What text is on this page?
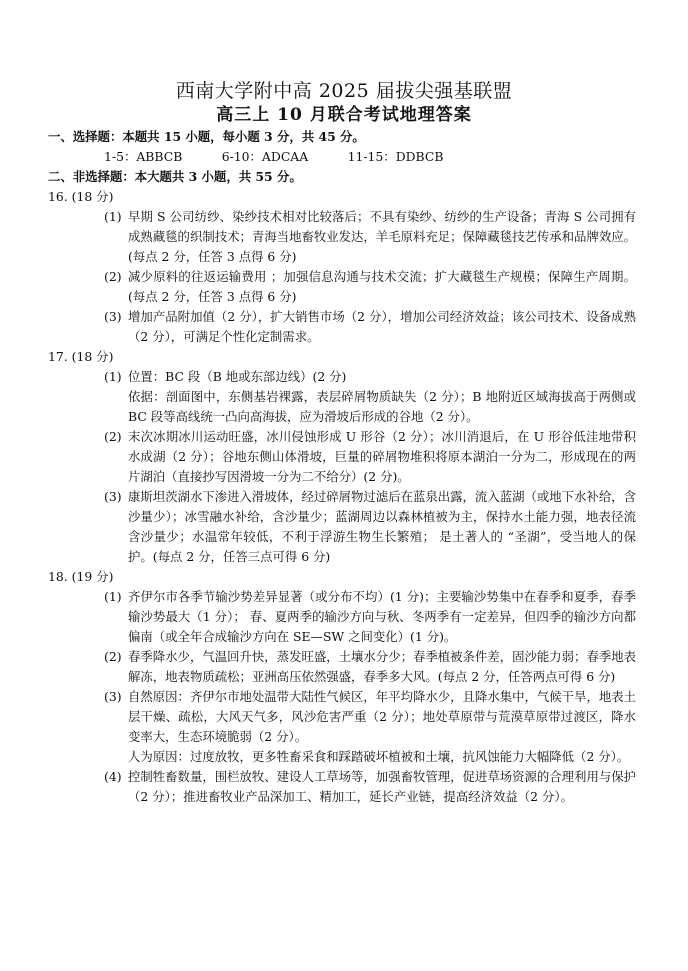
西南大学附中高 2025 届拔尖强基联盟
高三上 10 月联合考试地理答案
一、选择题：本题共 15 小题，每小题 3 分，共 45 分。
1-5：ABBCB          6-10：ADCAA          11-15：DDBCB
二、非选择题：本大题共 3 小题，共 55 分。
16. (18 分)
(1) 早期 S 公司纺纱、染纱技术相对比较落后；不具有染纱、纺纱的生产设备；青海 S 公司拥有成熟藏毯的织制技术；青海当地畜牧业发达，羊毛原料充足；保障藏毯技艺传承和品牌效应。(每点 2 分，任答 3 点得 6 分)
(2) 减少原料的往返运输费用 ；加强信息沟通与技术交流；扩大藏毯生产规模；保障生产周期。(每点 2 分，任答 3 点得 6 分)
(3) 增加产品附加值（2 分），扩大销售市场（2 分），增加公司经济效益；该公司技术、设备成熟（2 分），可满足个性化定制需求。
17. (18 分)
(1) 位置：BC 段（B 地或东部边线）(2 分)
依据：剖面图中，东侧基岩裸露，表层碎屑物质缺失（2 分）；B 地附近区域海拔高于两侧或 BC 段等高线统一凸向高海拔，应为滑坡后形成的谷地（2 分）。
(2) 末次冰期冰川运动旺盛，冰川侵蚀形成 U 形谷（2 分）；冰川消退后，在 U 形谷低洼地带积水成湖（2 分）；谷地东侧山体滑坡，巨量的碎屑物堆积将原本湖泊一分为二，形成现在的两片湖泊（直接抄写因滑坡一分为二不给分）(2 分)。
(3) 康斯坦茨湖水下渗进入滑坡体，经过碎屑物过滤后在蓝泉出露，流入蓝湖（或地下水补给，含沙量少）；冰雪融水补给，含沙量少；蓝湖周边以森林植被为主，保持水土能力强，地表径流含沙量少；水温常年较低，不利于浮游生物生长繁殖； 是土著人的 “圣湖”，受当地人的保护。(每点 2 分，任答三点可得 6 分)
18. (19 分)
(1) 齐伊尔市各季节输沙势差异显著（或分布不均）(1 分)；主要输沙势集中在春季和夏季，春季输沙势最大（1 分）； 春、夏两季的输沙方向与秋、冬两季有一定差异，但四季的输沙方向都偏南（或全年合成输沙方向在 SE—SW 之间变化）(1 分)。
(2) 春季降水少，气温回升快，蒸发旺盛，土壤水分少；春季植被条件差，固沙能力弱；春季地表解冻，地表物质疏松；亚洲高压依然强盛，春季多大风。(每点 2 分，任答两点可得 6 分)
(3) 自然原因：齐伊尔市地处温带大陆性气候区，年平均降水少，且降水集中，气候干旱，地表土层干燥、疏松，大风天气多，风沙危害严重（2 分）；地处草原带与荒漠草原带过渡区，降水变率大，生态环境脆弱（2 分）。
人为原因：过度放牧，更多牲畜采食和踩踏破坏植被和土壤，抗风蚀能力大幅降低（2 分）。
(4) 控制牲畜数量，围栏放牧、建设人工草场等，加强畜牧管理，促进草场资源的合理利用与保护（2 分）；推进畜牧业产品深加工、精加工，延长产业链，提高经济效益（2 分）。
